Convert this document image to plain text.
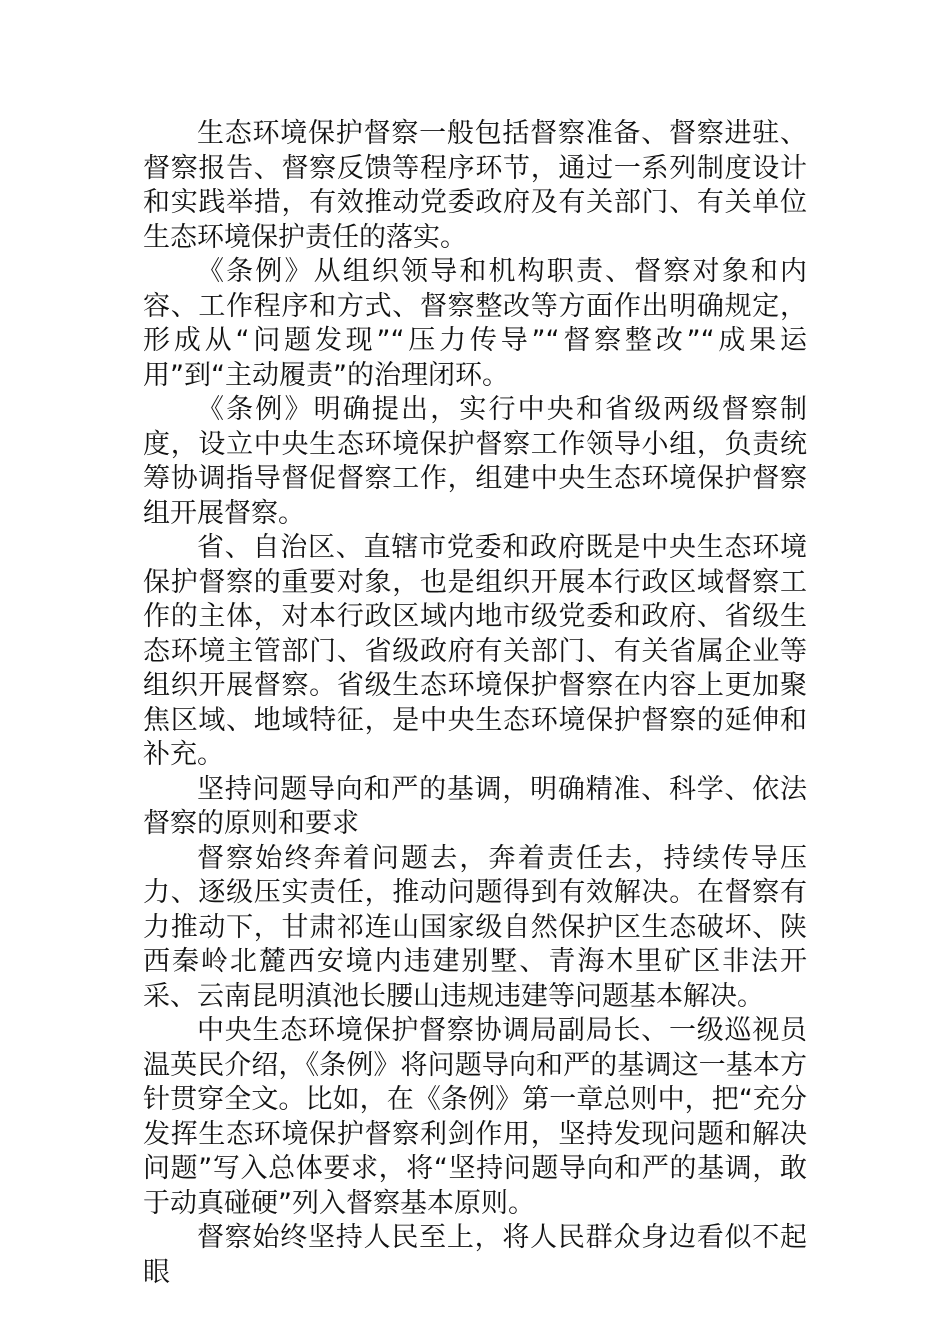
生态环境保护督察一般包括督察准备、督察进驻、督察报告、督察反馈等程序环节，通过一系列制度设计和实践举措，有效推动党委政府及有关部门、有关单位生态环境保护责任的落实。

《条例》从组织领导和机构职责、督察对象和内容、工作程序和方式、督察整改等方面作出明确规定，形成从“问题发现”“压力传导”“督察整改”“成果运用”到“主动履责”的治理闭环。

《条例》明确提出，实行中央和省级两级督察制度，设立中央生态环境保护督察工作领导小组，负责统筹协调指导督促督察工作，组建中央生态环境保护督察组开展督察。

省、自治区、直辖市党委和政府既是中央生态环境保护督察的重要对象，也是组织开展本行政区域督察工作的主体，对本行政区域内地市级党委和政府、省级生态环境主管部门、省级政府有关部门、有关省属企业等组织开展督察。省级生态环境保护督察在内容上更加聚焦区域、地域特征，是中央生态环境保护督察的延伸和补充。

坚持问题导向和严的基调，明确精准、科学、依法督察的原则和要求

督察始终奔着问题去，奔着责任去，持续传导压力、逐级压实责任，推动问题得到有效解决。在督察有力推动下，甘肃祁连山国家级自然保护区生态破坏、陕西秦岭北麓西安境内违建别墅、青海木里矿区非法开采、云南昆明滇池长腰山违规违建等问题基本解决。

中央生态环境保护督察协调局副局长、一级巡视员温英民介绍，《条例》将问题导向和严的基调这一基本方针贯穿全文。比如，在《条例》第一章总则中，把“充分发挥生态环境保护督察利剑作用，坚持发现问题和解决问题”写入总体要求，将“坚持问题导向和严的基调，敢于动真碰硬”列入督察基本原则。

督察始终坚持人民至上，将人民群众身边看似不起眼
